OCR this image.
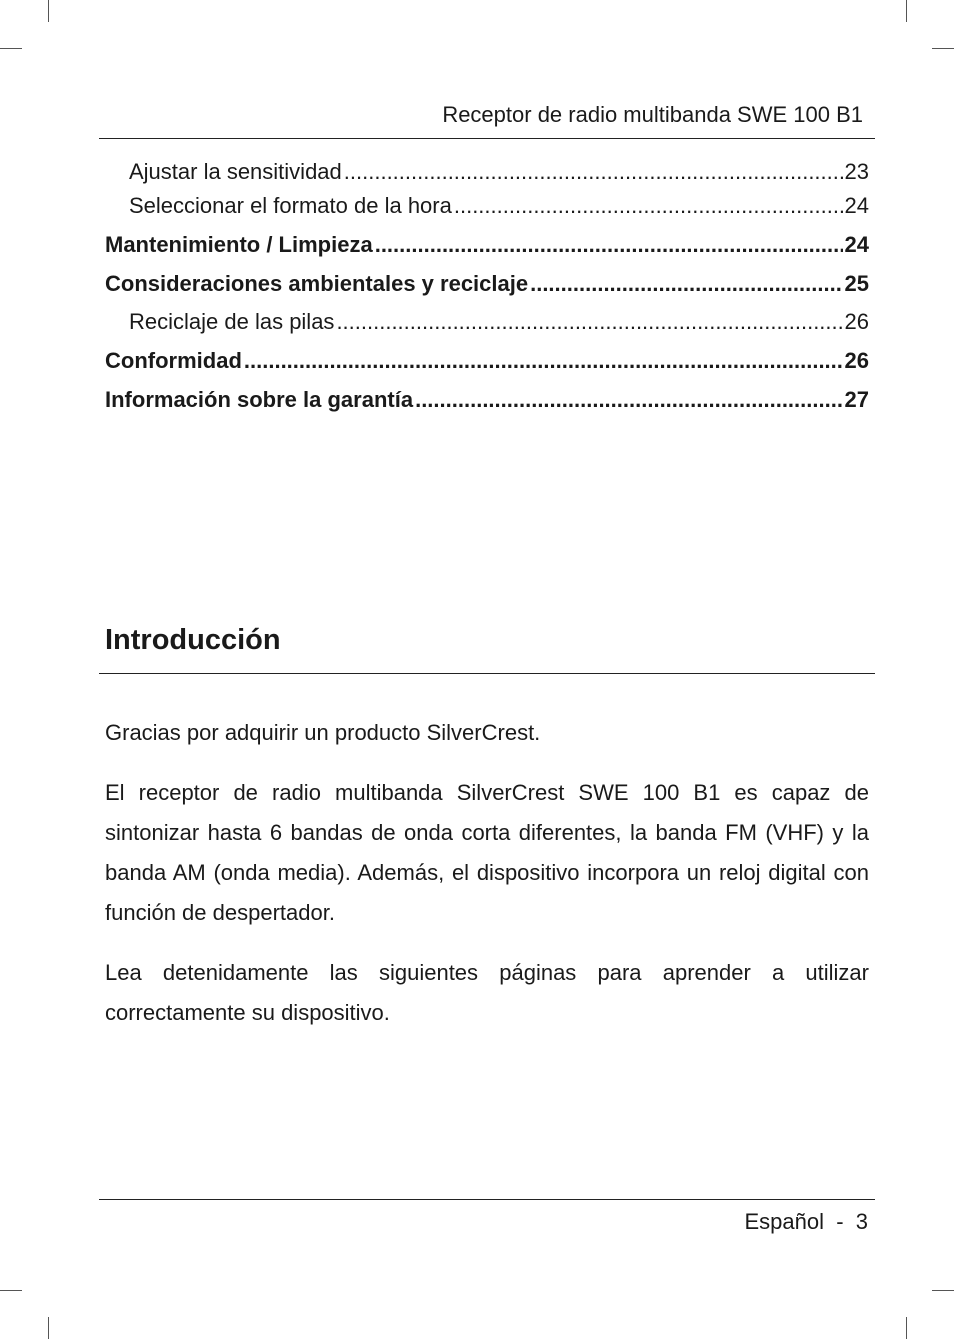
Receptor de radio multibanda SWE 100 B1
Ajustar la sensitividad .....	23
Seleccionar el formato de la hora .....	24
Mantenimiento / Limpieza .....	24
Consideraciones ambientales y reciclaje .....	25
Reciclaje de las pilas .....	26
Conformidad .....	26
Información sobre la garantía .....	27
Introducción

Gracias por adquirir un producto SilverCrest.

El receptor de radio multibanda SilverCrest SWE 100 B1 es capaz de sintonizar hasta 6 bandas de onda corta diferentes, la banda FM (VHF) y la banda AM (onda media). Además, el dispositivo incorpora un reloj digital con función de despertador.

Lea detenidamente las siguientes páginas para aprender a utilizar correctamente su dispositivo.

Español  -  3
